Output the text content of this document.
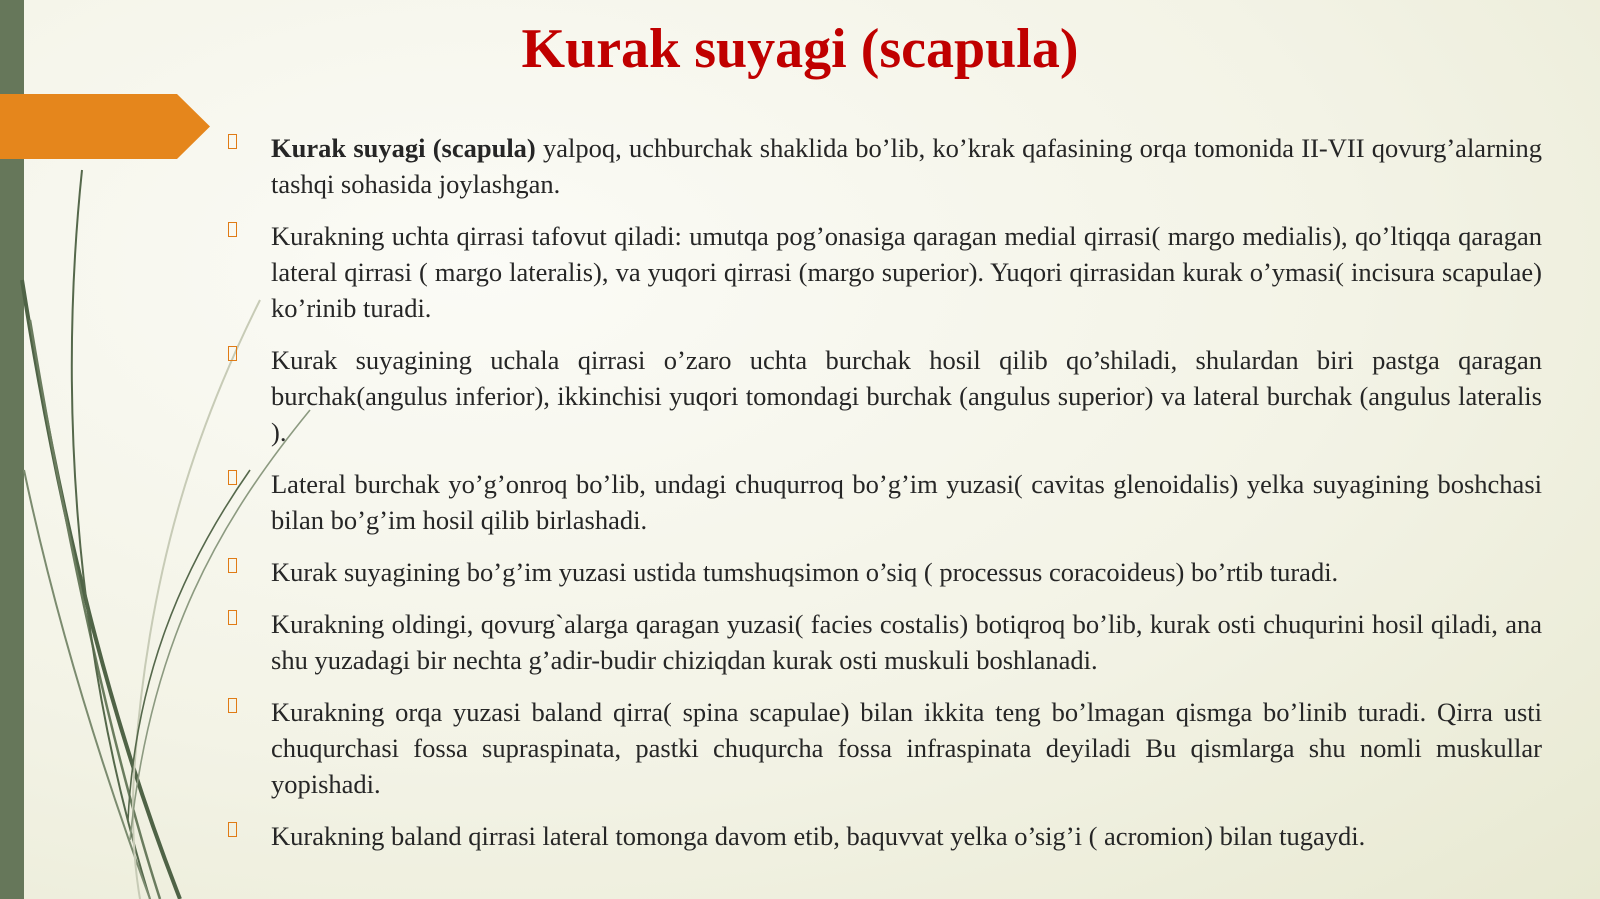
Kurak suyagi (scapula)
Kurak suyagi (scapula) yalpoq, uchburchak shaklida bo’lib, ko’krak qafasining orqa tomonida II-VII qovurg’alarning tashqi sohasida joylashgan.
Kurakning uchta qirrasi tafovut qiladi: umutqa pog’onasiga qaragan medial qirrasi( margo medialis), qo’ltiqqa qaragan lateral qirrasi ( margo lateralis), va yuqori qirrasi (margo superior). Yuqori qirrasidan kurak o’ymasi( incisura scapulae) ko’rinib turadi.
Kurak suyagining uchala qirrasi o’zaro uchta burchak hosil qilib qo’shiladi, shulardan biri pastga qaragan burchak(angulus inferior), ikkinchisi yuqori tomondagi burchak (angulus superior) va lateral burchak (angulus lateralis ).
Lateral burchak yo’g’onroq bo’lib, undagi chuqurroq bo’g’im yuzasi( cavitas glenoidalis) yelka suyagining boshchasi bilan bo’g’im hosil qilib birlashadi.
Kurak suyagining bo’g’im yuzasi ustida tumshuqsimon o’siq ( processus coracoideus) bo’rtib turadi.
Kurakning oldingi, qovurg`alarga qaragan yuzasi( facies costalis) botiqroq bo’lib, kurak osti chuqurini hosil qiladi, ana shu yuzadagi bir nechta g’adir-budir chiziqdan kurak osti muskuli boshlanadi.
Kurakning orqa yuzasi baland qirra( spina scapulae) bilan ikkita teng bo’lmagan qismga bo’linib turadi. Qirra usti chuqurchasi fossa supraspinata, pastki chuqurcha fossa infraspinata deyiladi Bu qismlarga shu nomli muskullar yopishadi.
Kurakning baland qirrasi lateral tomonga davom etib, baquvvat yelka o’sig’i ( acromion) bilan tugaydi.
